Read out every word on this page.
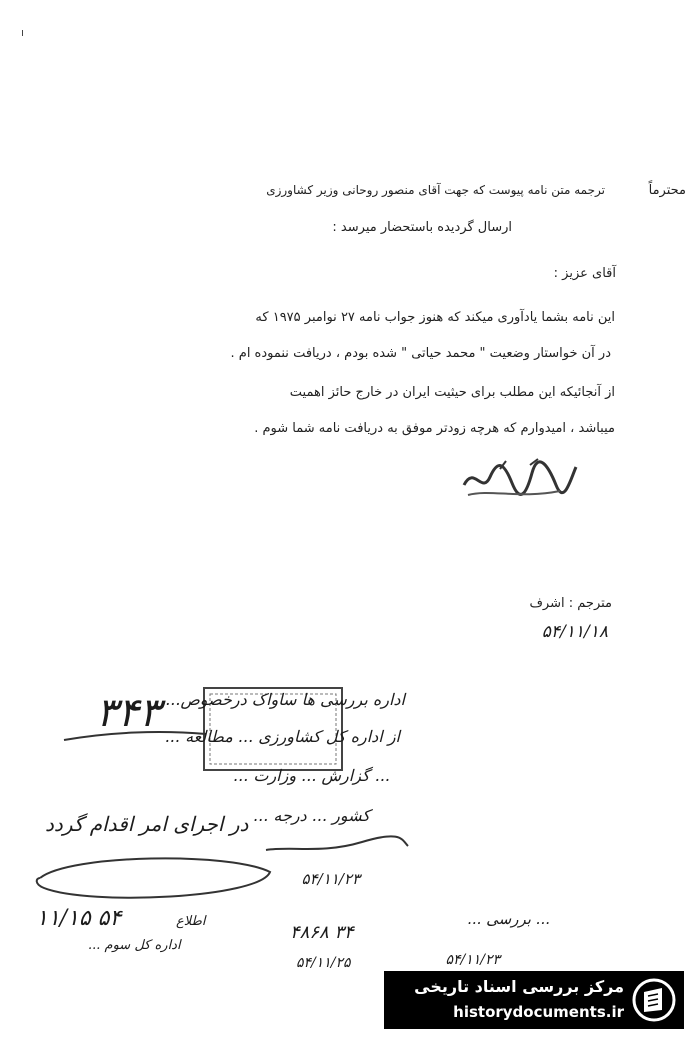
محترماً
ترجمه متن نامه پیوست که جهت آقای منصور روحانی وزیر کشاورزی
ارسال گردیده باستحضار میرسد :
آقای عزیز :
این نامه بشما یادآوری میکند که هنوز جواب نامه ۲۷ نوامبر ۱۹۷۵ که
در آن خواستار وضعیت " محمد حیاتی " شده بودم ، دریافت ننموده ام .
از آنجائیکه این مطلب برای حیثیت ایران در خارج حائز اهمیت
میباشد ، امیدوارم که هرچه زودتر موفق به دریافت نامه شما شوم .
مترجم : اشرف
۵۴/۱۱/۱۸
۳۴۳ اداره بررسی ها ساواک درخصوص...
از اداره کل کشاورزی ... مطالعه ...
... گزارش ... وزارت ...
کشور ... درجه ...
۵۴/۱۱/۲۳
در اجرای امر اقدام گردد
۱۱/۱۵ ۵۴	اطلاع
اداره کل سوم ...
۴۸۶۸ ۳۴
۵۴/۱۱/۲۵
... بررسی ...
۵۴/۱۱/۲۳
مرکز بررسی اسناد تاریخی
historydocuments.ir
